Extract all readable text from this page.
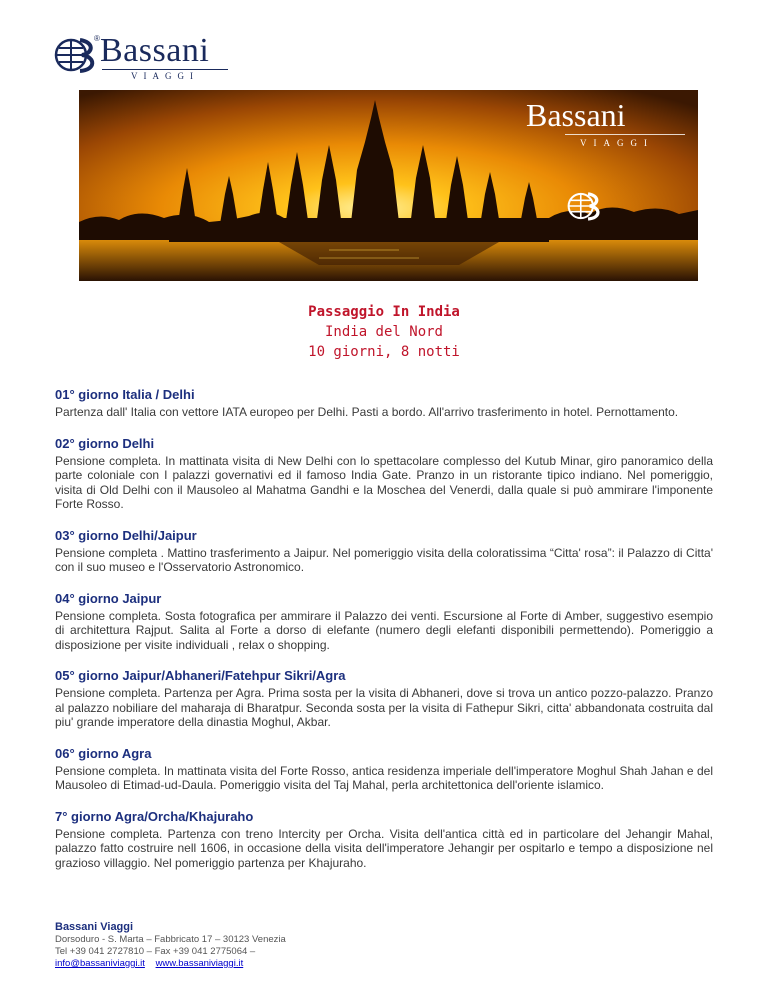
® Bassani
VIAGGI
Bassani
VIAGGI
Passaggio In India
India del Nord
10 giorni, 8 notti
01° giorno Italia / Delhi

Partenza dall' Italia con vettore IATA europeo per Delhi. Pasti a bordo. All'arrivo trasferimento in hotel. Pernottamento.

02° giorno Delhi

Pensione completa. In mattinata visita di New Delhi con lo spettacolare complesso del Kutub Minar, giro panoramico della parte coloniale con I palazzi governativi ed il famoso India Gate. Pranzo in un ristorante tipico indiano. Nel pomeriggio, visita di Old Delhi con il Mausoleo al Mahatma Gandhi e la Moschea del Venerdi, dalla quale si può ammirare l'imponente Forte Rosso.

03° giorno Delhi/Jaipur

Pensione completa . Mattino trasferimento a Jaipur. Nel pomeriggio visita della coloratissima “Citta' rosa”: il Palazzo di Citta' con il suo museo e l'Osservatorio Astronomico.

04° giorno Jaipur

Pensione completa. Sosta fotografica per ammirare il Palazzo dei venti. Escursione al Forte di Amber, suggestivo esempio di architettura Rajput. Salita al Forte a dorso di elefante (numero degli elefanti disponibili permettendo). Pomeriggio a disposizione per visite individuali , relax o shopping.

05° giorno Jaipur/Abhaneri/Fatehpur Sikri/Agra

Pensione completa. Partenza per Agra. Prima sosta per la visita di Abhaneri, dove si trova un antico pozzo-palazzo. Pranzo al palazzo nobiliare del maharaja di Bharatpur. Seconda sosta per la visita di Fathepur Sikri, citta' abbandonata costruita dal piu' grande imperatore della dinastia Moghul, Akbar.

06° giorno Agra

Pensione completa. In mattinata visita del Forte Rosso, antica residenza imperiale dell'imperatore Moghul Shah Jahan e del Mausoleo di Etimad-ud-Daula. Pomeriggio visita del Taj Mahal, perla architettonica dell'oriente islamico.

7° giorno Agra/Orcha/Khajuraho

Pensione completa. Partenza con treno Intercity per Orcha. Visita dell'antica città ed in particolare del Jehangir Mahal, palazzo fatto costruire nell 1606, in occasione della visita dell'imperatore Jehangir per ospitarlo e tempo a disposizione nel grazioso villaggio. Nel pomeriggio partenza per Khajuraho.

Bassani Viaggi
Dorsoduro - S. Marta – Fabbricato 17 – 30123 Venezia
Tel +39 041 2727810 – Fax +39 041 2775064 –
info@bassaniviaggi.it www.bassaniviaggi.it
